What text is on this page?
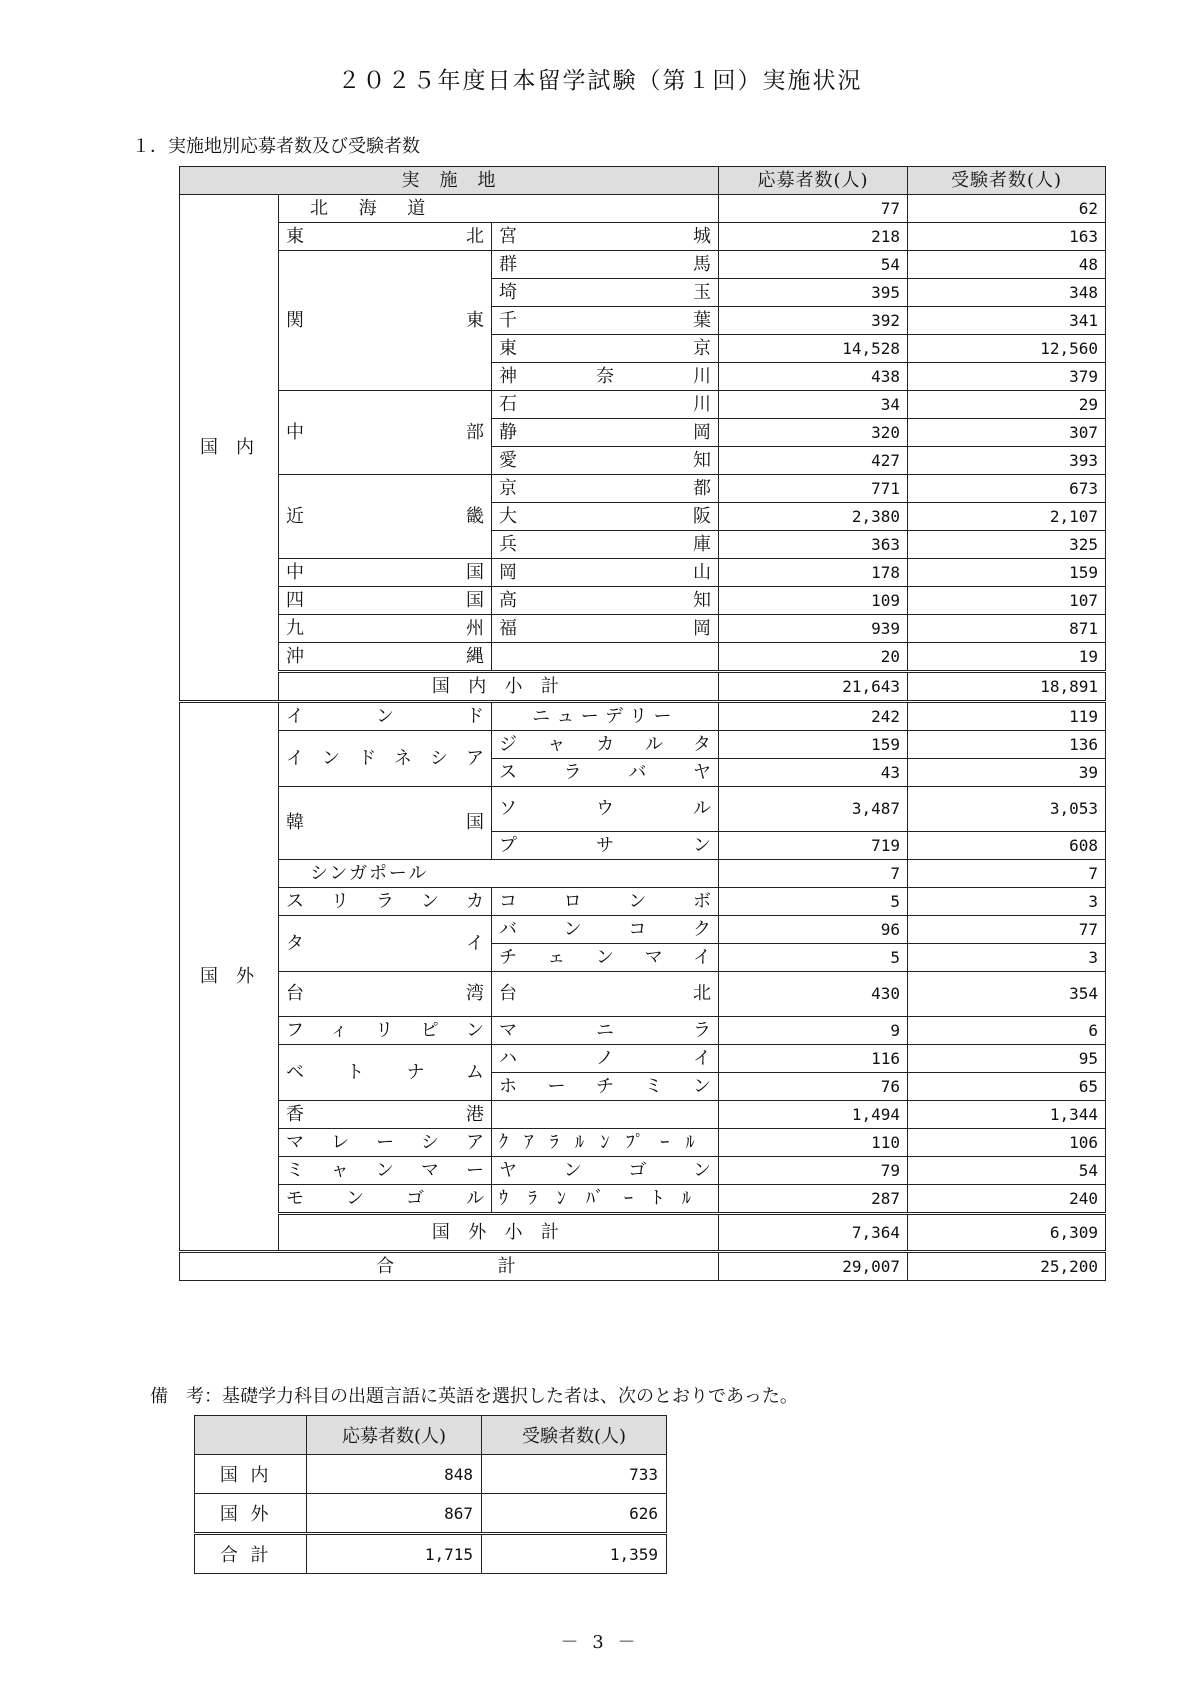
２０２５年度日本留学試験（第１回）実施状況
１．実施地別応募者数及び受験者数
実　施　地			応募者数(人)	受験者数(人)
国　内	北　海　道		77	62

	東　　北	宮　　城	218	163

	関　　東	群　　馬	54	48

		埼　　玉	395	348

		千　　葉	392	341

		東　　京	14,528	12,560

		神　奈　川	438	379

	中　　部	石　　川	34	29

		静　　岡	320	307

		愛　　知	427	393

	近　　畿	京　　都	771	673

		大　　阪	2,380	2,107

		兵　　庫	363	325

	中　　国	岡　　山	178	159

	四　　国	高　　知	109	107

	九　　州	福　　岡	939	871

	沖　　縄		20	19

	国 内 小 計		21,643	18,891
国　外	イ　ン　ド	ニューデリー	242	119

	インドネシア	ジャカルタ	159	136

		スラバヤ	43	39

	韓　　国	ソ　ウ　ル	3,487	3,053

		プ　サ　ン	719	608

	シンガポール		7	7

	スリランカ	コロンボ	5	3

	タ　　イ	バンコク	96	77

		チェンマイ	5	3

	台　　湾	台　　北	430	354

	フィリピン	マ　ニ　ラ	9	6

	ベトナム	ハ　ノ　イ	116	95

		ホーチミン	76	65

	香　　港		1,494	1,344

	マレーシア	ｸｱﾗﾙﾝﾌﾟｰﾙ	110	106

	ミャンマー	ヤ　ン　ゴ　ン	79	54

	モ　ン　ゴ　ル	ｳﾗﾝﾊﾞｰﾄﾙ	287	240

	国 外 小 計		7,364	6,309

合　　　　計			29,007	25,200
備　考：基礎学力科目の出題言語に英語を選択した者は、次のとおりであった。
	応募者数(人)	受験者数(人)
国内	848	733
国外	867	626
合計	1,715	1,359
－ 3 －
